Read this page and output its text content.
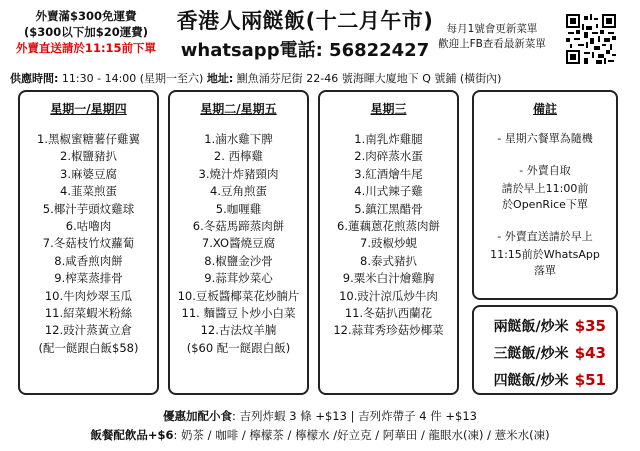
外賣滿$300免運費
($300以下加$20運費)
外賣直送請於11:15前下單
香港人兩餸飯(十二月午市)
whatsapp電話: 56822427
每月1號會更新菜單
歡迎上FB查看最新菜單
供應時間: 11:30 - 14:00 (星期一至六) 地址: 鰂魚涌芬尼街 22-46 號海暉大廈地下 Q 號鋪 (橫街內)
星期一/星期四
1.黑椒蜜糖薯仔雞翼
2.椒鹽豬扒
3.麻婆豆腐
4.韮菜煎蛋
5.椰汁芋頭炆雞球
6.咕嚕肉
7.冬菇枝竹炆蘿蔔
8.咸香煎肉餅
9.榨菜蒸排骨
10.牛肉炒翠玉瓜
11.紹菜蝦米粉絲
12.豉汁蒸黃立倉
(配一餸跟白飯$58)
星期二/星期五
1.滷水雞下脾
2. 西檸雞
3.燒汁炸豬頸肉
4.豆角煎蛋
5.咖喱雞
6.冬菇馬蹄蒸肉餅
7.XO醬燒豆腐
8.椒鹽金沙骨
9.蒜茸炒菜心
10.豆板醬椰菜花炒腩片
11. 麵醬豆卜炒小白菜
12.古法炆羊腩
($60 配一餸跟白飯)
星期三
1.南乳炸雞腿
2.肉碎蒸水蛋
3.紅酒燴牛尾
4.川式辣子雞
5.鎮江黑醋骨
6.蓮藕蒽花煎蒸肉餅
7.豉椒炒蜆
8.泰式豬扒
9.粟米白汁燴雞胸
10.豉汁涼瓜炒牛肉
11.冬菇扒西蘭花
12.蒜茸秀珍菇炒椰菜
備註
- 星期六餐單為隨機
- 外賣自取
請於早上11:00前
於OpenRice下單
- 外賣直送請於早上
11:15前於WhatsApp
落單
兩餸飯/炒米 $35
三餸飯/炒米 $43
四餸飯/炒米 $51
優惠加配小食: 吉列炸蝦 3 條 +$13 | 吉列炸帶子 4 件 +$13
飯餐配飲品+$6: 奶茶 / 咖啡 / 檸檬茶 / 檸檬水 /好立克 / 阿華田 / 龍眼水(凍) / 薏米水(凍)
